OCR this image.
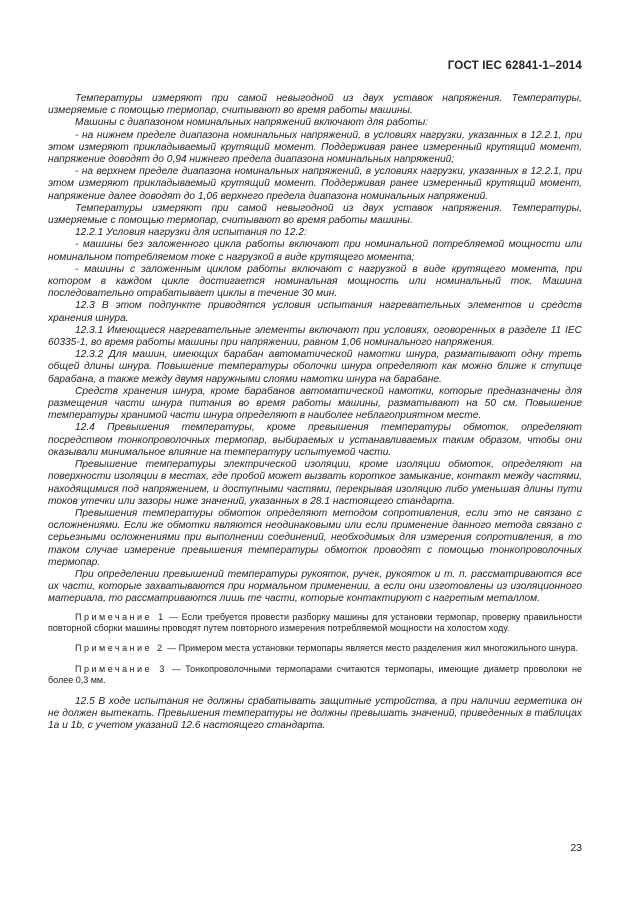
ГОСТ IEC 62841-1–2014

Температуры измеряют при самой невыгодной из двух уставок напряжения. Температуры, измеряемые с помощью термопар, считывают во время работы машины.

Машины с диапазоном номинальных напряжений включают для работы:

- на нижнем пределе диапазона номинальных напряжений, в условиях нагрузки, указанных в 12.2.1, при этом измеряют прикладываемый крутящий момент. Поддерживая ранее измеренный крутящий момент, напряжение доводят до 0,94 нижнего предела диапазона номинальных напряжений;

- на верхнем пределе диапазона номинальных напряжений, в условиях нагрузки, указанных в 12.2.1, при этом измеряют прикладываемый крутящий момент. Поддерживая ранее измеренный крутящий момент, напряжение далее доводят до 1,06 верхнего предела диапазона номинальных напряжений.

Температуры измеряют при самой невыгодной из двух уставок напряжения. Температуры, измеряемые с помощью термопар, считывают во время работы машины.

12.2.1 Условия нагрузки для испытания по 12.2:

- машины без заложенного цикла работы включают при номинальной потребляемой мощности или номинальном потребляемом токе с нагрузкой в виде крутящего момента;

- машины с заложенным циклом работы включают с нагрузкой в виде крутящего момента, при котором в каждом цикле достигается номинальная мощность или номинальный ток. Машина последовательно отрабатывает циклы в течение 30 мин.

12.3 В этом подпункте приводятся условия испытания нагревательных элементов и средств хранения шнура.

12.3.1 Имеющиеся нагревательные элементы включают при условиях, оговоренных в разделе 11 IEC 60335-1, во время работы машины при напряжении, равном 1,06 номинального напряжения.

12.3.2 Для машин, имеющих барабан автоматической намотки шнура, разматывают одну треть общей длины шнура. Повышение температуры оболочки шнура определяют как можно ближе к ступице барабана, а также между двумя наружными слоями намотки шнура на барабане.

Средств хранения шнура, кроме барабанов автоматической намотки, которые предназначены для размещения части шнура питания во время работы машины, разматывают на 50 см. Повышение температуры хранимой части шнура определяют в наиболее неблагоприятном месте.

12.4 Превышения температуры, кроме превышения температуры обмоток, определяют посредством тонкопроволочных термопар, выбираемых и устанавливаемых таким образом, чтобы они оказывали минимальное влияние на температуру испытуемой части.

Превышение температуры электрической изоляции, кроме изоляции обмоток, определяют на поверхности изоляции в местах, где пробой может вызвать короткое замыкание, контакт между частями, находящимися под напряжением, и доступными частями, перекрывая изоляцию либо уменьшая длины пути токов утечки или зазоры ниже значений, указанных в 28.1 настоящего стандарта.

Превышения температуры обмоток определяют методом сопротивления, если это не связано с осложнениями. Если же обмотки являются неодинаковыми или если применение данного метода связано с серьезными осложнениями при выполнении соединений, необходимых для измерения сопротивления, в то таком случае измерение превышения температуры обмоток проводят с помощью тонкопроволочных термопар.

При определении превышений температуры рукояток, ручек, рукояток и т. п. рассматриваются все их части, которые захватываются при нормальном применении, а если они изготовлены из изоляционного материала, то рассматриваются лишь те части, которые контактируют с нагретым металлом.

Примечание 1 — Если требуется провести разборку машины для установки термопар, проверку правильности повторной сборки машины проводят путем повторного измерения потребляемой мощности на холостом ходу.

Примечание 2 — Примером места установки термопары является место разделения жил многожильного шнура.

Примечание 3 — Тонкопроволочными термопарами считаются термопары, имеющие диаметр проволоки не более 0,3 мм.

12.5 В ходе испытания не должны срабатывать защитные устройства, а при наличии герметика он не должен вытекать. Превышения температуры не должны превышать значений, приведенных в таблицах 1а и 1b, с учетом указаний 12.6 настоящего стандарта.

23
